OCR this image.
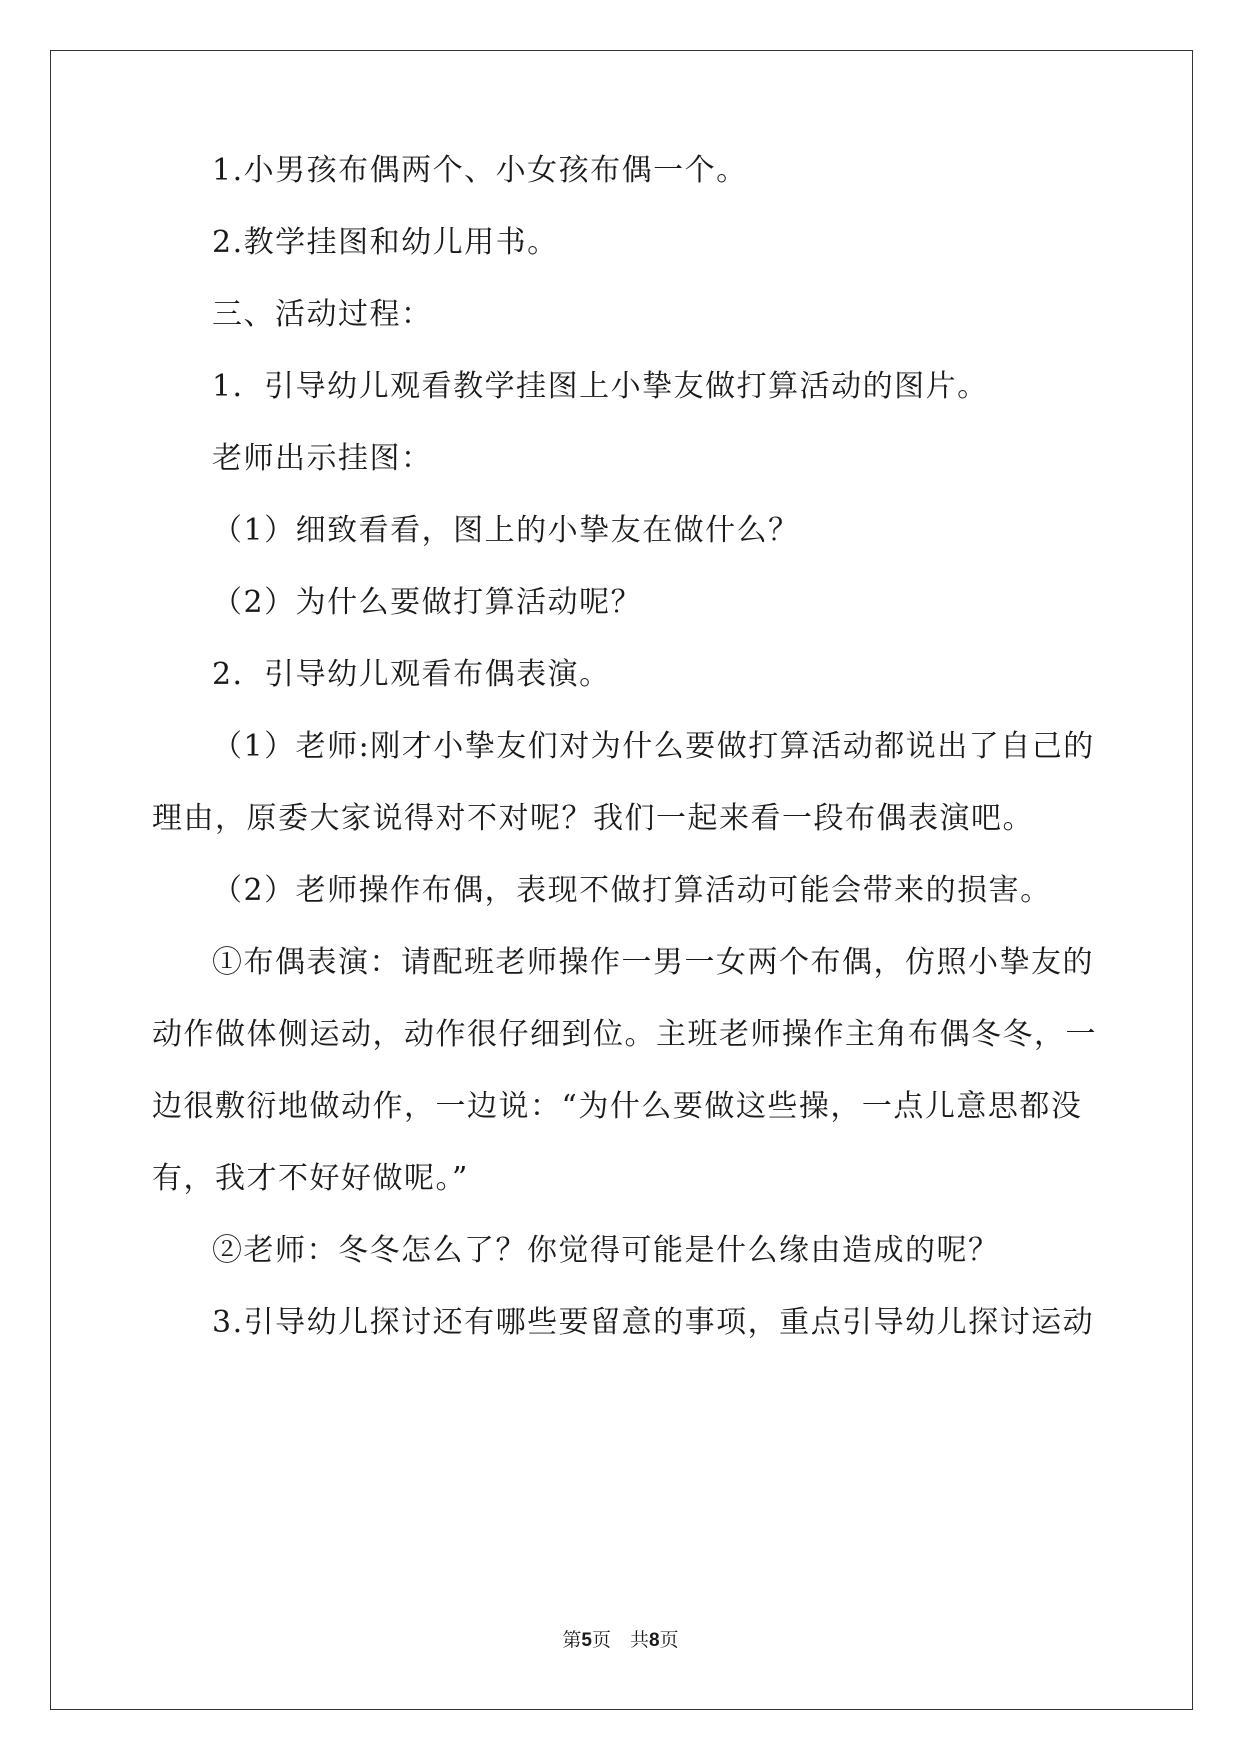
1.小男孩布偶两个、小女孩布偶一个。
2.教学挂图和幼儿用书。
三、活动过程：
1．引导幼儿观看教学挂图上小挚友做打算活动的图片。
老师出示挂图：
（1）细致看看，图上的小挚友在做什么？
（2）为什么要做打算活动呢？
2．引导幼儿观看布偶表演。
（1）老师:刚才小挚友们对为什么要做打算活动都说出了自己的
理由，原委大家说得对不对呢？我们一起来看一段布偶表演吧。
（2）老师操作布偶，表现不做打算活动可能会带来的损害。
①布偶表演：请配班老师操作一男一女两个布偶，仿照小挚友的
动作做体侧运动，动作很仔细到位。主班老师操作主角布偶冬冬，一
边很敷衍地做动作，一边说：“为什么要做这些操，一点儿意思都没
有，我才不好好做呢。”
②老师：冬冬怎么了？你觉得可能是什么缘由造成的呢？
3.引导幼儿探讨还有哪些要留意的事项，重点引导幼儿探讨运动
第5页　共8页
